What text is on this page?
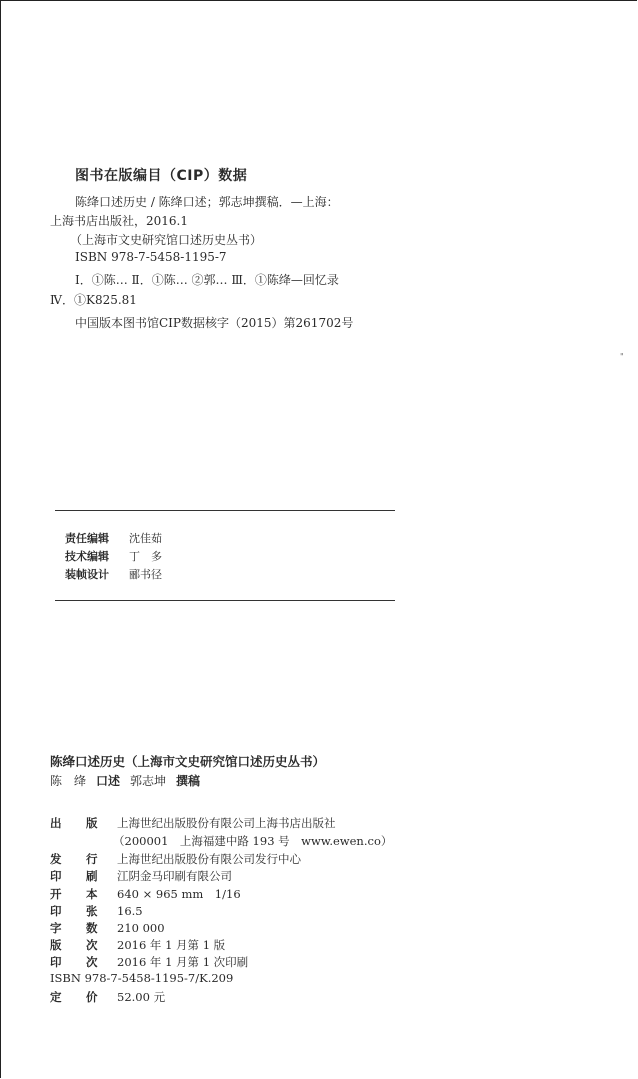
"
图书在版编目（CIP）数据
陈绛口述历史 / 陈绛口述；郭志坤撰稿．—上海：
上海书店出版社，2016.1
（上海市文史研究馆口述历史丛书）
ISBN 978-7-5458-1195-7
Ⅰ．①陈… Ⅱ．①陈… ②郭… Ⅲ．①陈绛—回忆录
Ⅳ．①K825.81
中国版本图书馆CIP数据核字（2015）第261702号
责任编辑 沈佳茹
技术编辑 丁　多
装帧设计 郦书径
陈绛口述历史（上海市文史研究馆口述历史丛书）
陈　绛 口述 郭志坤 撰稿
出 版 上海世纪出版股份有限公司上海书店出版社
（200001　上海福建中路 193 号　www.ewen.co）
发 行 上海世纪出版股份有限公司发行中心
印 刷 江阴金马印刷有限公司
开 本 640 × 965 mm　1/16
印 张 16.5
字 数 210 000
版 次 2016 年 1 月第 1 版
印 次 2016 年 1 月第 1 次印刷
ISBN 978-7-5458-1195-7/K.209
定 价 52.00 元
